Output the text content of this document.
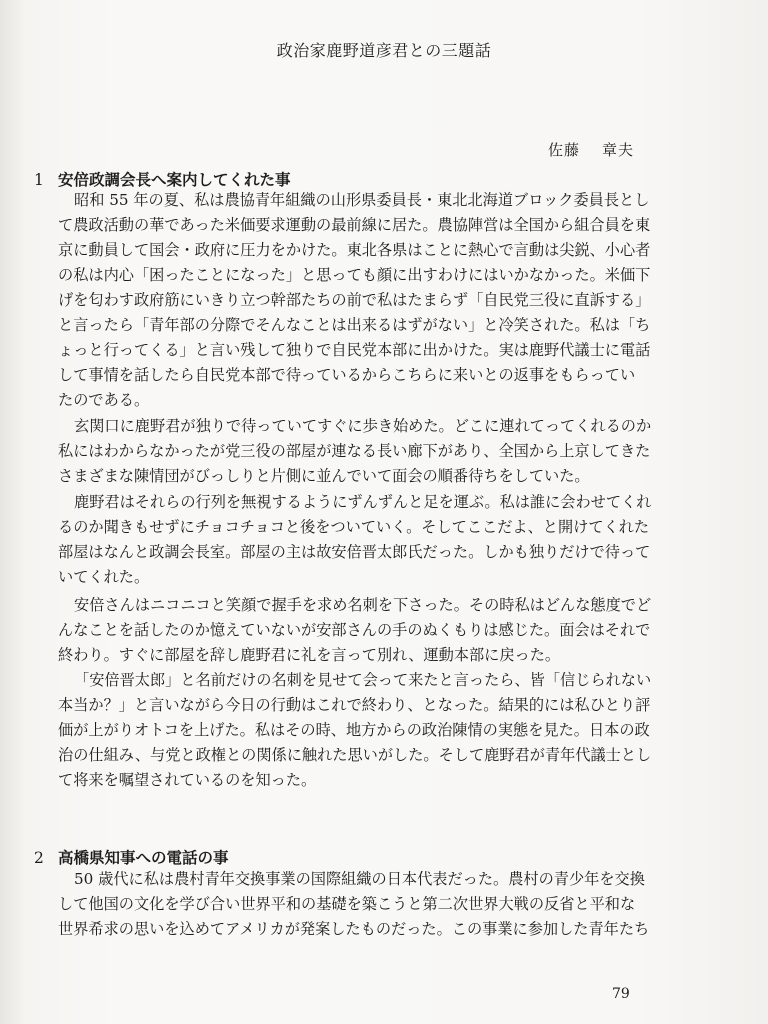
政治家鹿野道彦君との三題話
佐藤 章夫
1 安倍政調会長へ案内してくれた事
昭和 55 年の夏、私は農協青年組織の山形県委員長・東北北海道ブロック委員長とし
て農政活動の華であった米価要求運動の最前線に居た。農協陣営は全国から組合員を東
京に動員して国会・政府に圧力をかけた。東北各県はことに熱心で言動は尖鋭、小心者
の私は内心「困ったことになった」と思っても顔に出すわけにはいかなかった。米価下
げを匂わす政府筋にいきり立つ幹部たちの前で私はたまらず「自民党三役に直訴する」
と言ったら「青年部の分際でそんなことは出来るはずがない」と冷笑された。私は「ち
ょっと行ってくる」と言い残して独りで自民党本部に出かけた。実は鹿野代議士に電話
して事情を話したら自民党本部で待っているからこちらに来いとの返事をもらってい
たのである。
玄関口に鹿野君が独りで待っていてすぐに歩き始めた。どこに連れてってくれるのか
私にはわからなかったが党三役の部屋が連なる長い廊下があり、全国から上京してきた
さまざまな陳情団がびっしりと片側に並んでいて面会の順番待ちをしていた。
鹿野君はそれらの行列を無視するようにずんずんと足を運ぶ。私は誰に会わせてくれ
るのか聞きもせずにチョコチョコと後をついていく。そしてここだよ、と開けてくれた
部屋はなんと政調会長室。部屋の主は故安倍晋太郎氏だった。しかも独りだけで待って
いてくれた。
安倍さんはニコニコと笑顔で握手を求め名刺を下さった。その時私はどんな態度でど
んなことを話したのか憶えていないが安部さんの手のぬくもりは感じた。面会はそれで
終わり。すぐに部屋を辞し鹿野君に礼を言って別れ、運動本部に戻った。
「安倍晋太郎」と名前だけの名刺を見せて会って来たと言ったら、皆「信じられない
本当か？」と言いながら今日の行動はこれで終わり、となった。結果的には私ひとり評
価が上がりオトコを上げた。私はその時、地方からの政治陳情の実態を見た。日本の政
治の仕組み、与党と政権との関係に触れた思いがした。そして鹿野君が青年代議士とし
て将来を嘱望されているのを知った。
2 高橋県知事への電話の事
50 歳代に私は農村青年交換事業の国際組織の日本代表だった。農村の青少年を交換
して他国の文化を学び合い世界平和の基礎を築こうと第二次世界大戦の反省と平和な
世界希求の思いを込めてアメリカが発案したものだった。この事業に参加した青年たち
79
